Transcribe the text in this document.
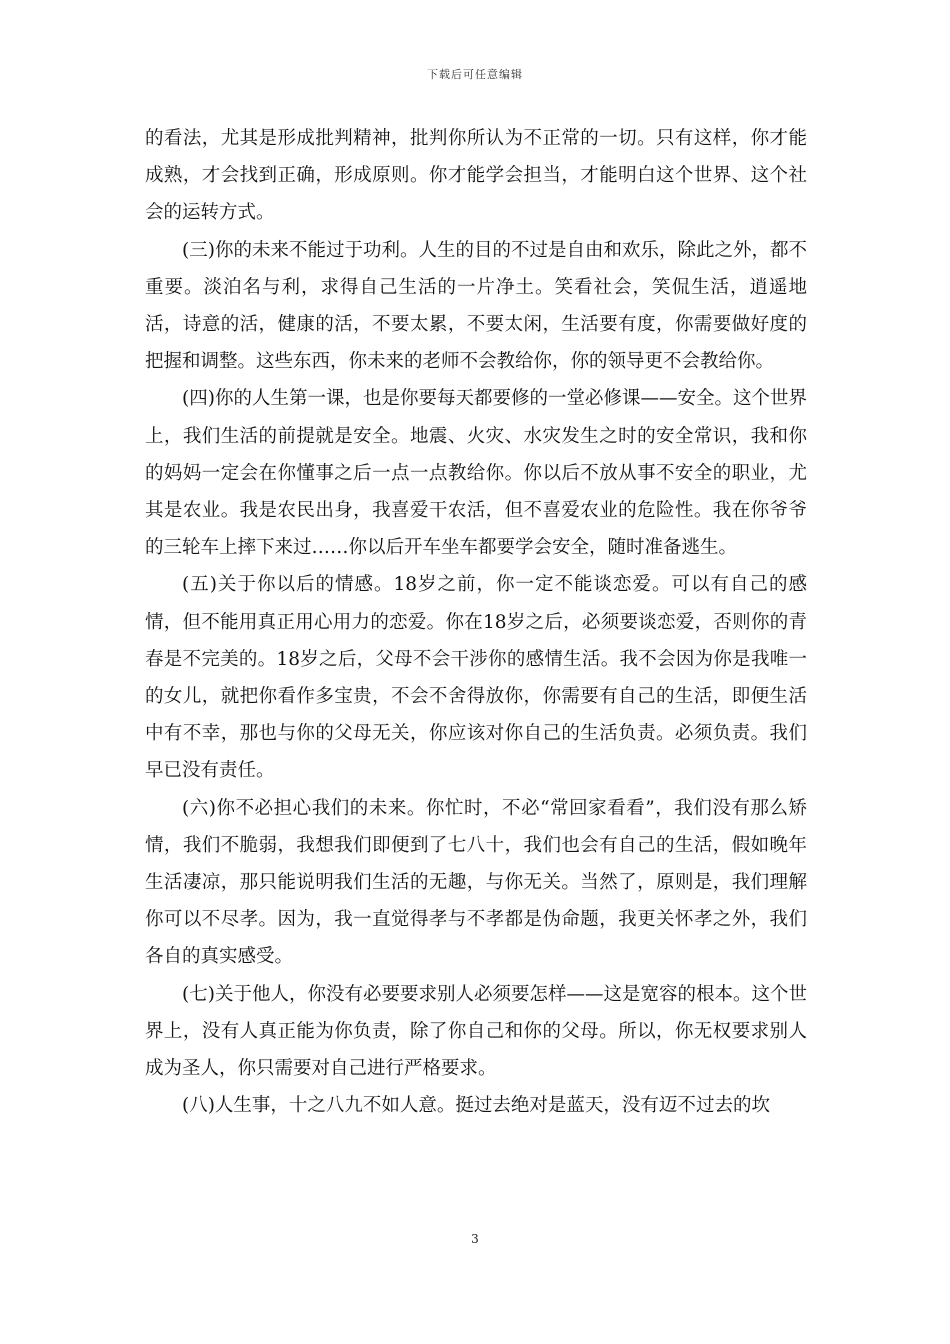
下载后可任意编辑

的看法，尤其是形成批判精神，批判你所认为不正常的一切。只有这样，你才能成熟，才会找到正确，形成原则。你才能学会担当，才能明白这个世界、这个社会的运转方式。

(三)你的未来不能过于功利。人生的目的不过是自由和欢乐，除此之外，都不重要。淡泊名与利，求得自己生活的一片净土。笑看社会，笑侃生活，逍遥地活，诗意的活，健康的活，不要太累，不要太闲，生活要有度，你需要做好度的把握和调整。这些东西，你未来的老师不会教给你，你的领导更不会教给你。

(四)你的人生第一课，也是你要每天都要修的一堂必修课——安全。这个世界上，我们生活的前提就是安全。地震、火灾、水灾发生之时的安全常识，我和你的妈妈一定会在你懂事之后一点一点教给你。你以后不放从事不安全的职业，尤其是农业。我是农民出身，我喜爱干农活，但不喜爱农业的危险性。我在你爷爷的三轮车上摔下来过……你以后开车坐车都要学会安全，随时准备逃生。

(五)关于你以后的情感。18岁之前，你一定不能谈恋爱。可以有自己的感情，但不能用真正用心用力的恋爱。你在18岁之后，必须要谈恋爱，否则你的青春是不完美的。18岁之后，父母不会干涉你的感情生活。我不会因为你是我唯一的女儿，就把你看作多宝贵，不会不舍得放你，你需要有自己的生活，即便生活中有不幸，那也与你的父母无关，你应该对你自己的生活负责。必须负责。我们早已没有责任。

(六)你不必担心我们的未来。你忙时，不必“常回家看看”，我们没有那么矫情，我们不脆弱，我想我们即便到了七八十，我们也会有自己的生活，假如晚年生活凄凉，那只能说明我们生活的无趣，与你无关。当然了，原则是，我们理解你可以不尽孝。因为，我一直觉得孝与不孝都是伪命题，我更关怀孝之外，我们各自的真实感受。

(七)关于他人，你没有必要要求别人必须要怎样——这是宽容的根本。这个世界上，没有人真正能为你负责，除了你自己和你的父母。所以，你无权要求别人成为圣人，你只需要对自己进行严格要求。

(八)人生事，十之八九不如人意。挺过去绝对是蓝天，没有迈不过去的坎

3
